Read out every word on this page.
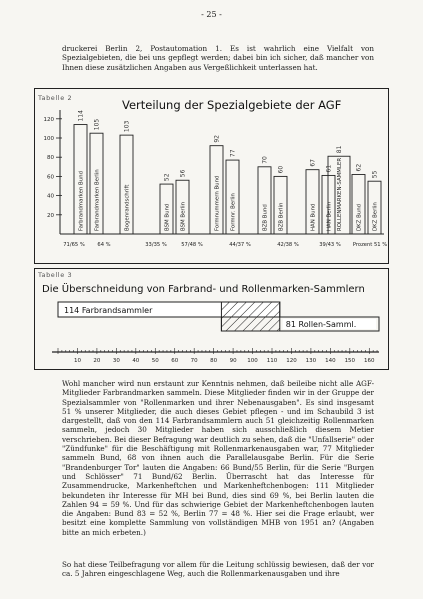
- 25 -

druckerei Berlin 2, Postautomation 1. Es ist wahrlich eine Vielfalt von Spezialgebieten, die bei uns gepflegt werden; dabei bin ich sicher, daß mancher von Ihnen diese zusätzlichen Angaben aus Vergeßlichkeit unterlassen hat.

Tabelle 2	Verteilung der Spezialgebiete der AGF
120
100
80
60
40
20
114
Farbrandmarken Bund
105
Farbrandmarken Berlin
103
Bogenrandschrift
52
BSM Bund
56
BSM Berlin
92
Formnummern Bund
77
Formnr. Berlin
70
BZB Bund
60
BZB Berlin
67
HAN Bund
61
HAN Berlin
62
DKZ Bund
55
DKZ Berlin
81
ROLLENMARKEN-SAMMLER
71/65 % 64 %	33/35 %	57/48 %	44/37 %	42/38 %	39/43 % Prozent 51 %
Tabelle 3
Die Überschneidung von Farbrand- und Rollenmarken-Sammlern
114 Farbrandsammler
81 Rollen-Samml.
10 20 30 40 50 60 70 80 90 100 110 120 130 140 150 160

Wohl mancher wird nun erstaunt zur Kenntnis nehmen, daß beileibe nicht alle AGF-Mitglieder Farbrandmarken sammeln. Diese Mitglieder finden wir in der Gruppe der Spezialsammler von "Rollenmarken und ihrer Nebenausgaben". Es sind insgesamt 51 % unserer Mitglieder, die auch dieses Gebiet pflegen - und im Schaubild 3 ist dargestellt, daß von den 114 Farbrandsammlern auch 51 gleichzeitig Rollenmarken sammeln, jedoch 30 Mitglieder haben sich ausschließlich diesem Metier verschrieben. Bei dieser Befragung war deutlich zu sehen, daß die "Unfallserie" oder "Zündfunke" für die Beschäftigung mit Rollenmarkenausgaben war, 77 Mitglieder sammeln Bund, 68 von ihnen auch die Parallelausgabe Berlin. Für die Serie "Brandenburger Tor" lauten die Angaben: 66 Bund/55 Berlin, für die Serie "Burgen und Schlösser" 71 Bund/62 Berlin. Überrascht hat das Interesse für Zusammendrucke, Markenheftchen und Markenheftchenbogen: 111 Mitglieder bekundeten ihr Interesse für MH bei Bund, dies sind 69 %, bei Berlin lauten die Zahlen 94 = 59 %. Und für das schwierige Gebiet der Markenheftchenbogen lauten die Angaben: Bund 83 = 52 %, Berlin 77 = 48 %. Hier sei die Frage erlaubt, wer besitzt eine komplette Sammlung von vollständigen MHB von 1951 an? (Angaben bitte an mich erbeten.)

So hat diese Teilbefragung vor allem für die Leitung schlüssig bewiesen, daß der vor ca. 5 Jahren eingeschlagene Weg, auch die Rollenmarkenausgaben und ihre
